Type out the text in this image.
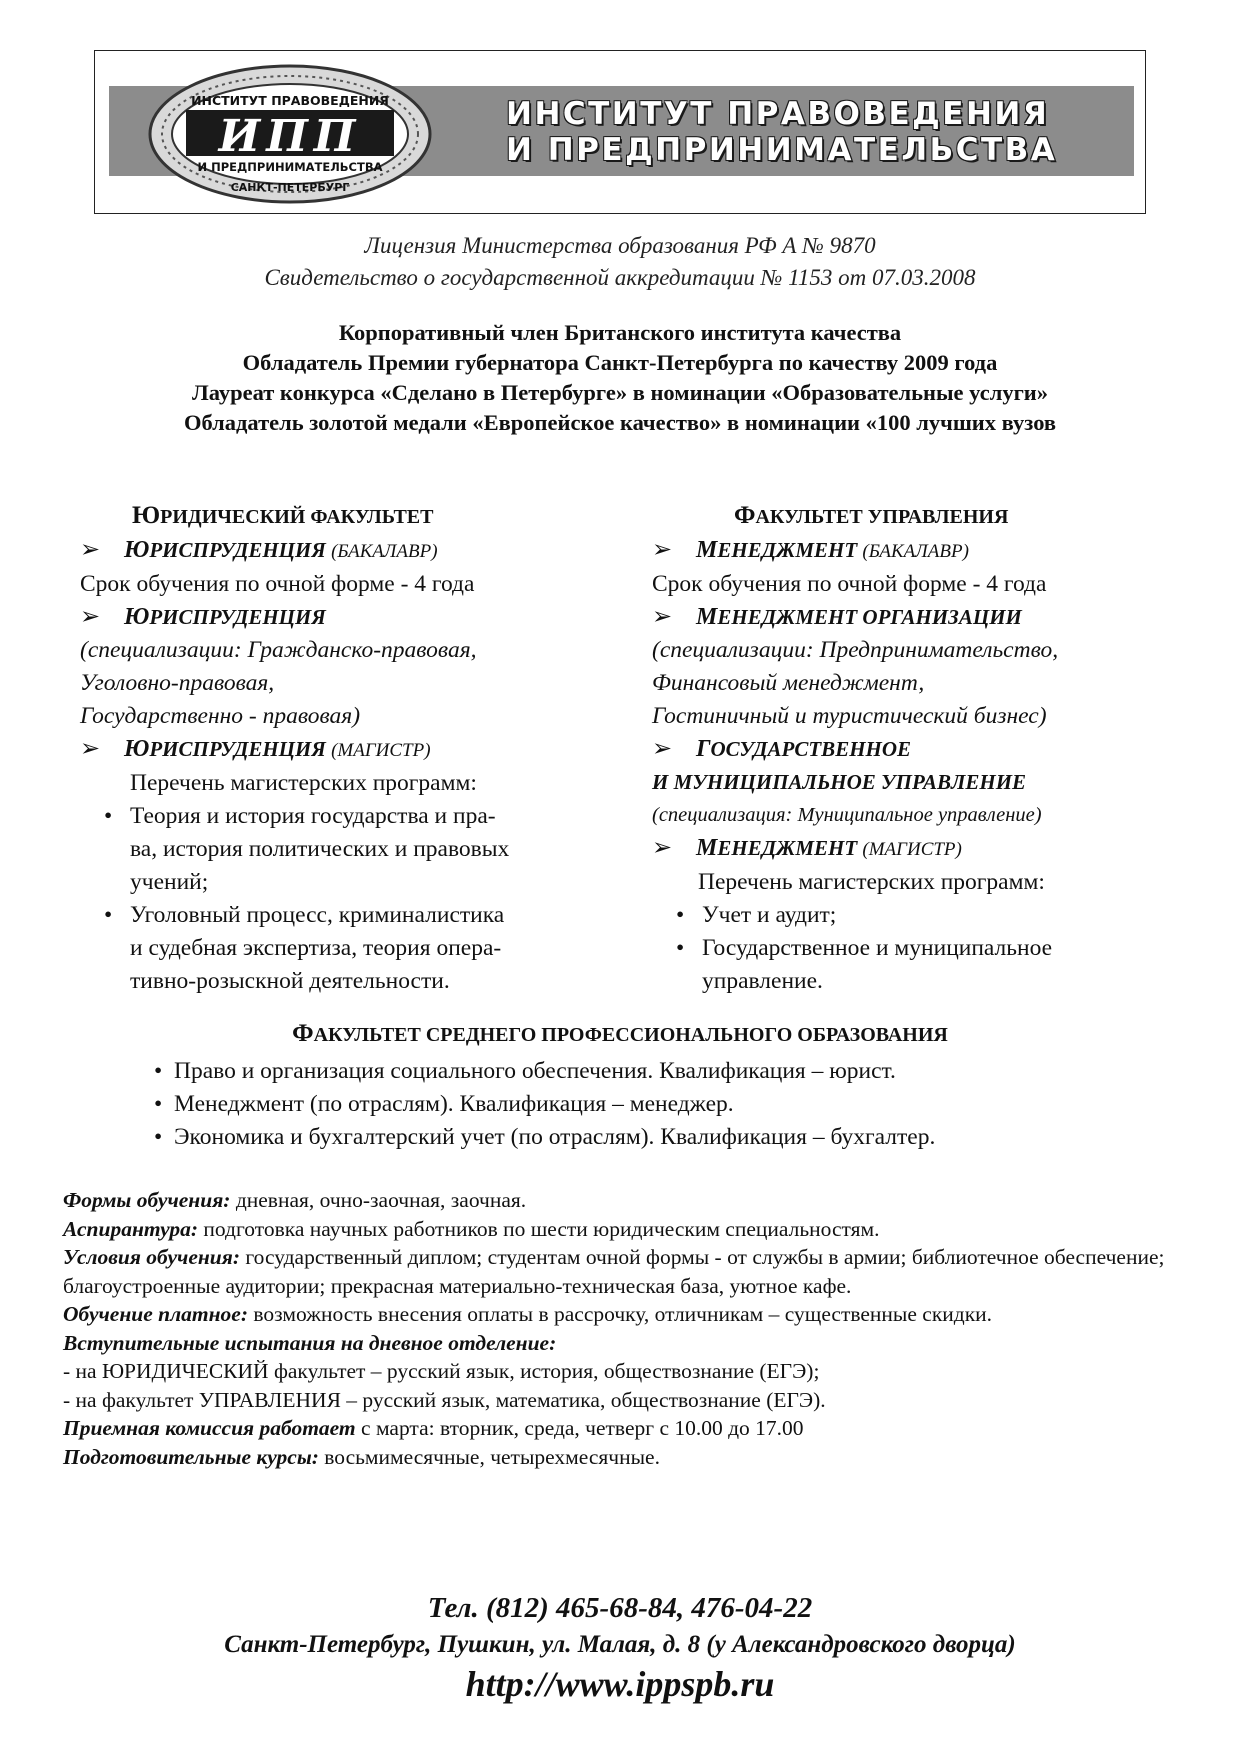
ИНСТИТУТ ПРАВОВЕДЕНИЯ
ИПП
И ПРЕДПРИНИМАТЕЛЬСТВА
САНКТ-ПЕТЕРБУРГ
ИНСТИТУТ ПРАВОВЕДЕНИЯ
И ПРЕДПРИНИМАТЕЛЬСТВА
Лицензия Министерства образования РФ А № 9870
Свидетельство о государственной аккредитации № 1153 от 07.03.2008
Корпоративный член Британского института качества
Обладатель Премии губернатора Санкт-Петербурга по качеству 2009 года
Лауреат конкурса «Сделано в Петербурге» в номинации «Образовательные услуги»
Обладатель золотой медали «Европейское качество» в номинации «100 лучших вузов
ЮРИДИЧЕСКИЙ ФАКУЛЬТЕТ
➢ ЮРИСПРУДЕНЦИЯ (БАКАЛАВР)
Срок обучения по очной форме - 4 года
➢ ЮРИСПРУДЕНЦИЯ
(специализации: Гражданско-правовая,
Уголовно-правовая,
Государственно - правовая)
➢ ЮРИСПРУДЕНЦИЯ (МАГИСТР)
Перечень магистерских программ:
• Теория и история государства и пра-
ва, история политических и правовых
учений;
• Уголовный процесс, криминалистика
и судебная экспертиза, теория опера-
тивно-розыскной деятельности.
ФАКУЛЬТЕТ УПРАВЛЕНИЯ
➢ МЕНЕДЖМЕНТ (БАКАЛАВР)
Срок обучения по очной форме - 4 года
➢ МЕНЕДЖМЕНТ ОРГАНИЗАЦИИ
(специализации: Предпринимательство,
Финансовый менеджмент,
Гостиничный и туристический бизнес)
➢ ГОСУДАРСТВЕННОЕ
И МУНИЦИПАЛЬНОЕ УПРАВЛЕНИЕ
(специализация: Муниципальное управление)
➢ МЕНЕДЖМЕНТ (МАГИСТР)
Перечень магистерских программ:
• Учет и аудит;
• Государственное и муниципальное
управление.
ФАКУЛЬТЕТ СРЕДНЕГО ПРОФЕССИОНАЛЬНОГО ОБРАЗОВАНИЯ
• Право и организация социального обеспечения. Квалификация – юрист.
• Менеджмент (по отраслям). Квалификация – менеджер.
• Экономика и бухгалтерский учет (по отраслям). Квалификация – бухгалтер.
Формы обучения: дневная, очно-заочная, заочная.
Аспирантура: подготовка научных работников по шести юридическим специальностям.
Условия обучения: государственный диплом; студентам очной формы - от службы в армии; библиотечное обеспечение; благоустроенные аудитории; прекрасная материально-техническая база, уютное кафе.
Обучение платное: возможность внесения оплаты в рассрочку, отличникам – существенные скидки.
Вступительные испытания на дневное отделение:
- на ЮРИДИЧЕСКИЙ факультет – русский язык, история, обществознание (ЕГЭ);
- на факультет УПРАВЛЕНИЯ – русский язык, математика, обществознание (ЕГЭ).
Приемная комиссия работает с марта: вторник, среда, четверг с 10.00 до 17.00
Подготовительные курсы: восьмимесячные, четырехмесячные.
Тел. (812) 465-68-84, 476-04-22
Санкт-Петербург, Пушкин, ул. Малая, д. 8 (у Александровского дворца)
http://www.ippspb.ru
